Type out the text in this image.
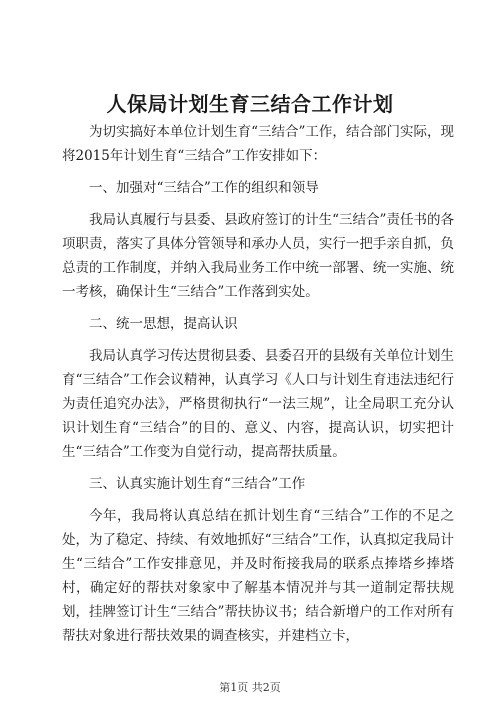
人保局计划生育三结合工作计划

为切实搞好本单位计划生育“三结合”工作，结合部门实际，现将2015年计划生育“三结合”工作安排如下：

一、加强对“三结合”工作的组织和领导

我局认真履行与县委、县政府签订的计生“三结合”责任书的各项职责，落实了具体分管领导和承办人员，实行一把手亲自抓，负总责的工作制度，并纳入我局业务工作中统一部署、统一实施、统一考核，确保计生“三结合”工作落到实处。

二、统一思想，提高认识

我局认真学习传达贯彻县委、县委召开的县级有关单位计划生育“三结合”工作会议精神，认真学习《人口与计划生育违法违纪行为责任追究办法》，严格贯彻执行“一法三规”，让全局职工充分认识计划生育“三结合”的目的、意义、内容，提高认识，切实把计生“三结合”工作变为自觉行动，提高帮扶质量。

三、认真实施计划生育“三结合”工作

今年，我局将认真总结在抓计划生育“三结合”工作的不足之处，为了稳定、持续、有效地抓好“三结合”工作，认真拟定我局计生“三结合”工作安排意见，并及时衔接我局的联系点捧塔乡捧塔村，确定好的帮扶对象家中了解基本情况并与其一道制定帮扶规划，挂牌签订计生“三结合”帮扶协议书；结合新增户的工作对所有帮扶对象进行帮扶效果的调查核实，并建档立卡，

第1页 共2页
